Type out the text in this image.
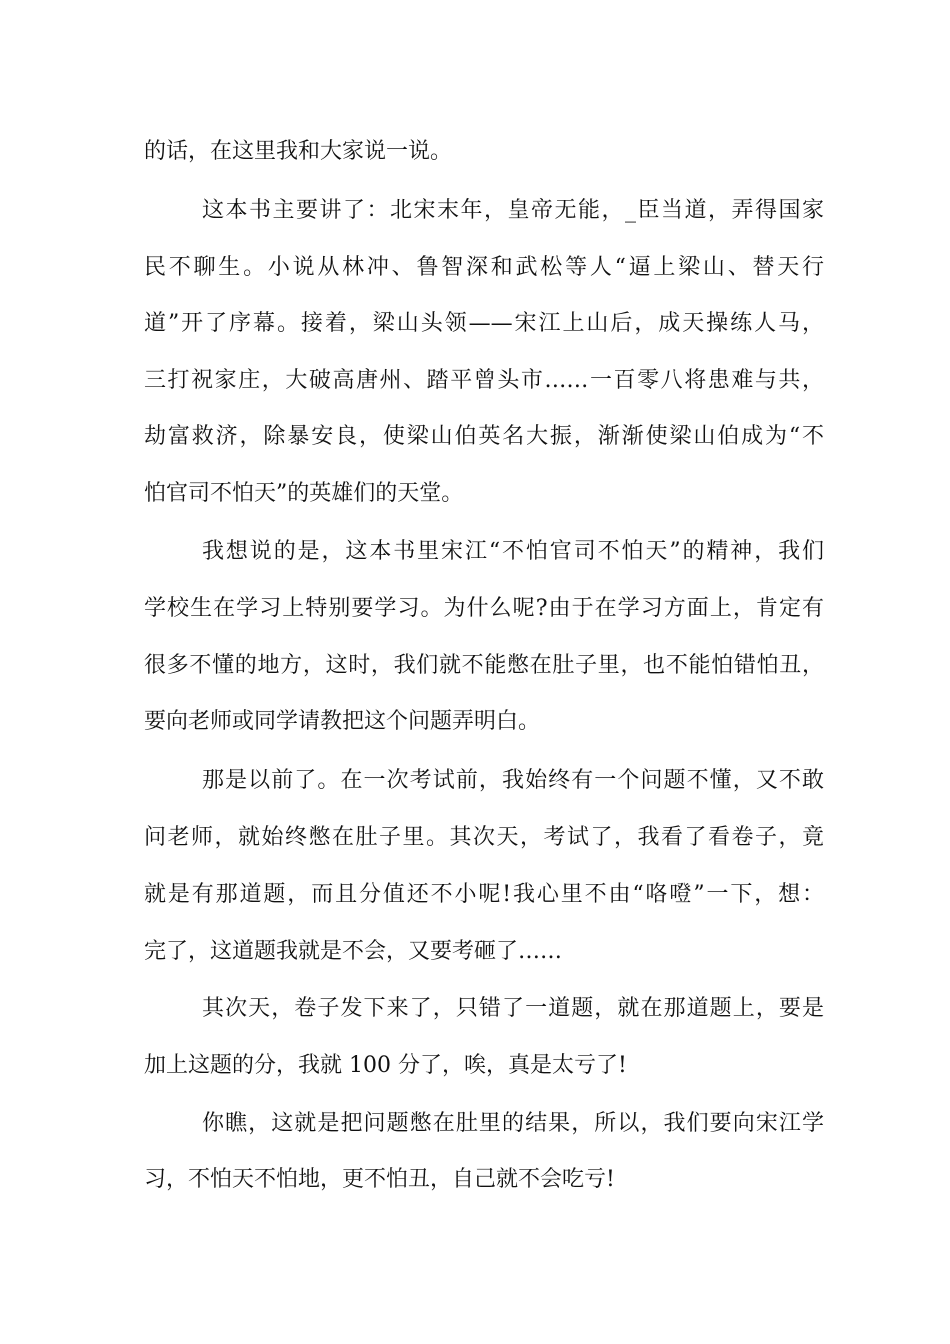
的话，在这里我和大家说一说。
这本书主要讲了：北宋末年，皇帝无能，_臣当道，弄得国家
民不聊生。小说从林冲、鲁智深和武松等人“逼上梁山、替天行
道”开了序幕。接着，梁山头领——宋江上山后，成天操练人马，
三打祝家庄，大破高唐州、踏平曾头市……一百零八将患难与共，
劫富救济，除暴安良，使梁山伯英名大振，渐渐使梁山伯成为“不
怕官司不怕天”的英雄们的天堂。
我想说的是，这本书里宋江“不怕官司不怕天”的精神，我们
学校生在学习上特别要学习。为什么呢?由于在学习方面上，肯定有
很多不懂的地方，这时，我们就不能憋在肚子里，也不能怕错怕丑，
要向老师或同学请教把这个问题弄明白。
那是以前了。在一次考试前，我始终有一个问题不懂，又不敢
问老师，就始终憋在肚子里。其次天，考试了，我看了看卷子，竟
就是有那道题，而且分值还不小呢!我心里不由“咯噔”一下，想：
完了，这道题我就是不会，又要考砸了……
其次天，卷子发下来了，只错了一道题，就在那道题上，要是
加上这题的分，我就 100 分了，唉，真是太亏了!
你瞧，这就是把问题憋在肚里的结果，所以，我们要向宋江学
习，不怕天不怕地，更不怕丑，自己就不会吃亏!
